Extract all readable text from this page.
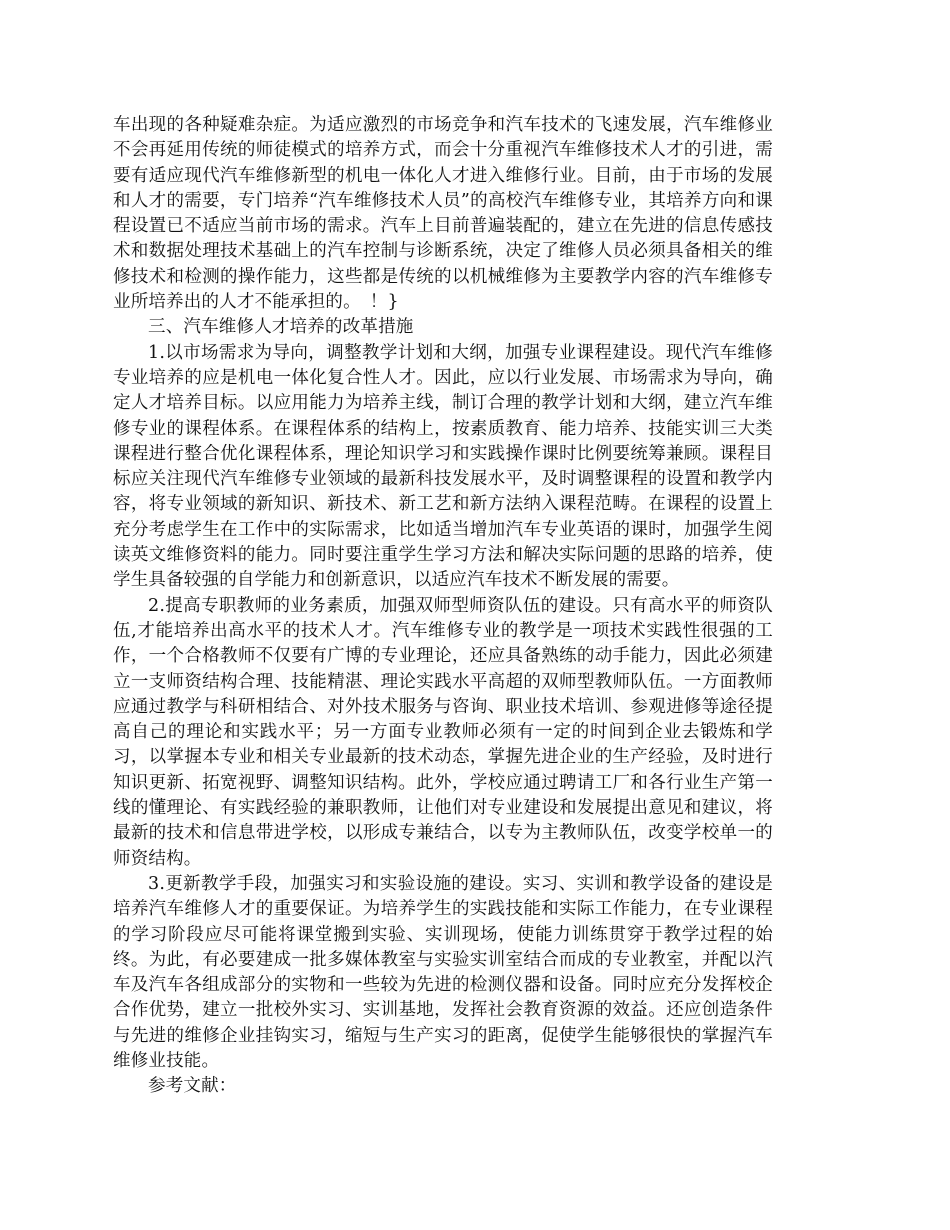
车出现的各种疑难杂症。为适应激烈的市场竞争和汽车技术的飞速发展，汽车维修业不会再延用传统的师徒模式的培养方式，而会十分重视汽车维修技术人才的引进，需要有适应现代汽车维修新型的机电一体化人才进入维修行业。目前，由于市场的发展和人才的需要，专门培养“汽车维修技术人员”的高校汽车维修专业，其培养方向和课程设置已不适应当前市场的需求。汽车上目前普遍装配的，建立在先进的信息传感技术和数据处理技术基础上的汽车控制与诊断系统，决定了维修人员必须具备相关的维修技术和检测的操作能力，这些都是传统的以机械维修为主要教学内容的汽车维修专业所培养出的人才不能承担的。　！}

三、汽车维修人才培养的改革措施

1.以市场需求为导向，调整教学计划和大纲，加强专业课程建设。现代汽车维修专业培养的应是机电一体化复合性人才。因此，应以行业发展、市场需求为导向，确定人才培养目标。以应用能力为培养主线，制订合理的教学计划和大纲，建立汽车维修专业的课程体系。在课程体系的结构上，按素质教育、能力培养、技能实训三大类课程进行整合优化课程体系，理论知识学习和实践操作课时比例要统筹兼顾。课程目标应关注现代汽车维修专业领域的最新科技发展水平，及时调整课程的设置和教学内容，将专业领域的新知识、新技术、新工艺和新方法纳入课程范畴。在课程的设置上充分考虑学生在工作中的实际需求，比如适当增加汽车专业英语的课时，加强学生阅读英文维修资料的能力。同时要注重学生学习方法和解决实际问题的思路的培养，使学生具备较强的自学能力和创新意识，以适应汽车技术不断发展的需要。

2.提高专职教师的业务素质，加强双师型师资队伍的建设。只有高水平的师资队伍,才能培养出高水平的技术人才。汽车维修专业的教学是一项技术实践性很强的工作，一个合格教师不仅要有广博的专业理论，还应具备熟练的动手能力，因此必须建立一支师资结构合理、技能精湛、理论实践水平高超的双师型教师队伍。一方面教师应通过教学与科研相结合、对外技术服务与咨询、职业技术培训、参观进修等途径提高自己的理论和实践水平；另一方面专业教师必须有一定的时间到企业去锻炼和学习，以掌握本专业和相关专业最新的技术动态，掌握先进企业的生产经验，及时进行知识更新、拓宽视野、调整知识结构。此外，学校应通过聘请工厂和各行业生产第一线的懂理论、有实践经验的兼职教师，让他们对专业建设和发展提出意见和建议，将最新的技术和信息带进学校，以形成专兼结合，以专为主教师队伍，改变学校单一的师资结构。

3.更新教学手段，加强实习和实验设施的建设。实习、实训和教学设备的建设是培养汽车维修人才的重要保证。为培养学生的实践技能和实际工作能力，在专业课程的学习阶段应尽可能将课堂搬到实验、实训现场，使能力训练贯穿于教学过程的始终。为此，有必要建成一批多媒体教室与实验实训室结合而成的专业教室，并配以汽车及汽车各组成部分的实物和一些较为先进的检测仪器和设备。同时应充分发挥校企合作优势，建立一批校外实习、实训基地，发挥社会教育资源的效益。还应创造条件与先进的维修企业挂钩实习，缩短与生产实习的距离，促使学生能够很快的掌握汽车维修业技能。

参考文献：
